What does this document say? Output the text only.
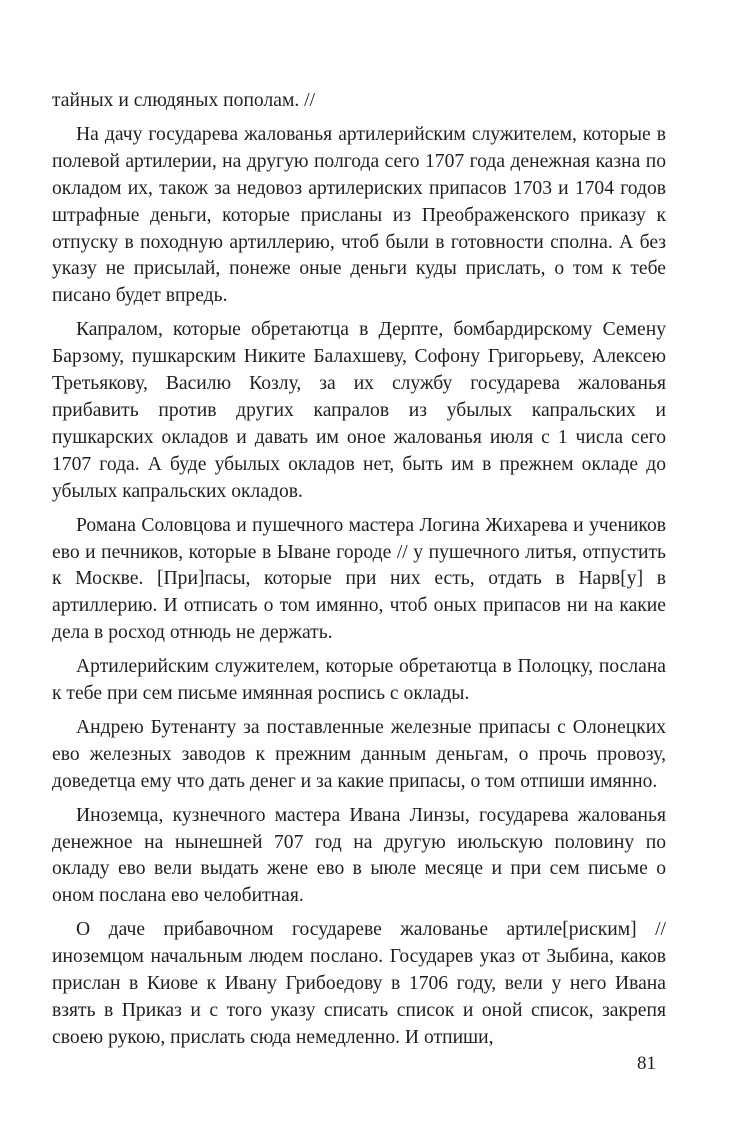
тайных и слюдяных пополам. //

На дачу государева жалованья артилерийским служителем, которые в полевой артилерии, на другую полгода сего 1707 года денежная казна по окладом их, також за недовоз артилериских припасов 1703 и 1704 годов штрафные деньги, которые присланы из Преображенского приказу к отпуску в походную артиллерию, чтоб были в готовности сполна. А без указу не присылай, понеже оные деньги куды прислать, о том к тебе писано будет впредь.

Капралом, которые обретаютца в Дерпте, бомбардирскому Семену Барзому, пушкарским Никите Балахшеву, Софону Григорьеву, Алексею Третьякову, Василю Козлу, за их службу государева жалованья прибавить против других капралов из убылых капральских и пушкарских окладов и давать им оное жалованья июля с 1 числа сего 1707 года. А буде убылых окладов нет, быть им в прежнем окладе до убылых капральских окладов.

Романа Соловцова и пушечного мастера Логина Жихарева и учеников ево и печников, которые в Ыване городе // у пушечного литья, отпустить к Москве. [При]пасы, которые при них есть, отдать в Нарв[у] в артиллерию. И отписать о том имянно, чтоб оных припасов ни на какие дела в росход отнюдь не держать.

Артилерийским служителем, которые обретаютца в Полоцку, послана к тебе при сем письме имянная роспись с оклады.

Андрею Бутенанту за поставленные железные припасы с Олонецких ево железных заводов к прежним данным деньгам, о прочь провозу, доведетца ему что дать денег и за какие припасы, о том отпиши имянно.

Иноземца, кузнечного мастера Ивана Линзы, государева жалованья денежное на нынешней 707 год на другую июльскую половину по окладу ево вели выдать жене ево в ыюле месяце и при сем письме о оном послана ево челобитная.

О даче прибавочном государеве жалованье артиле[риским] // иноземцом начальным людем послано. Государев указ от Зыбина, каков прислан в Киове к Ивану Грибоедову в 1706 году, вели у него Ивана взять в Приказ и с того указу списать список и оной список, закрепя своею рукою, прислать сюда немедленно. И отпиши,

81
